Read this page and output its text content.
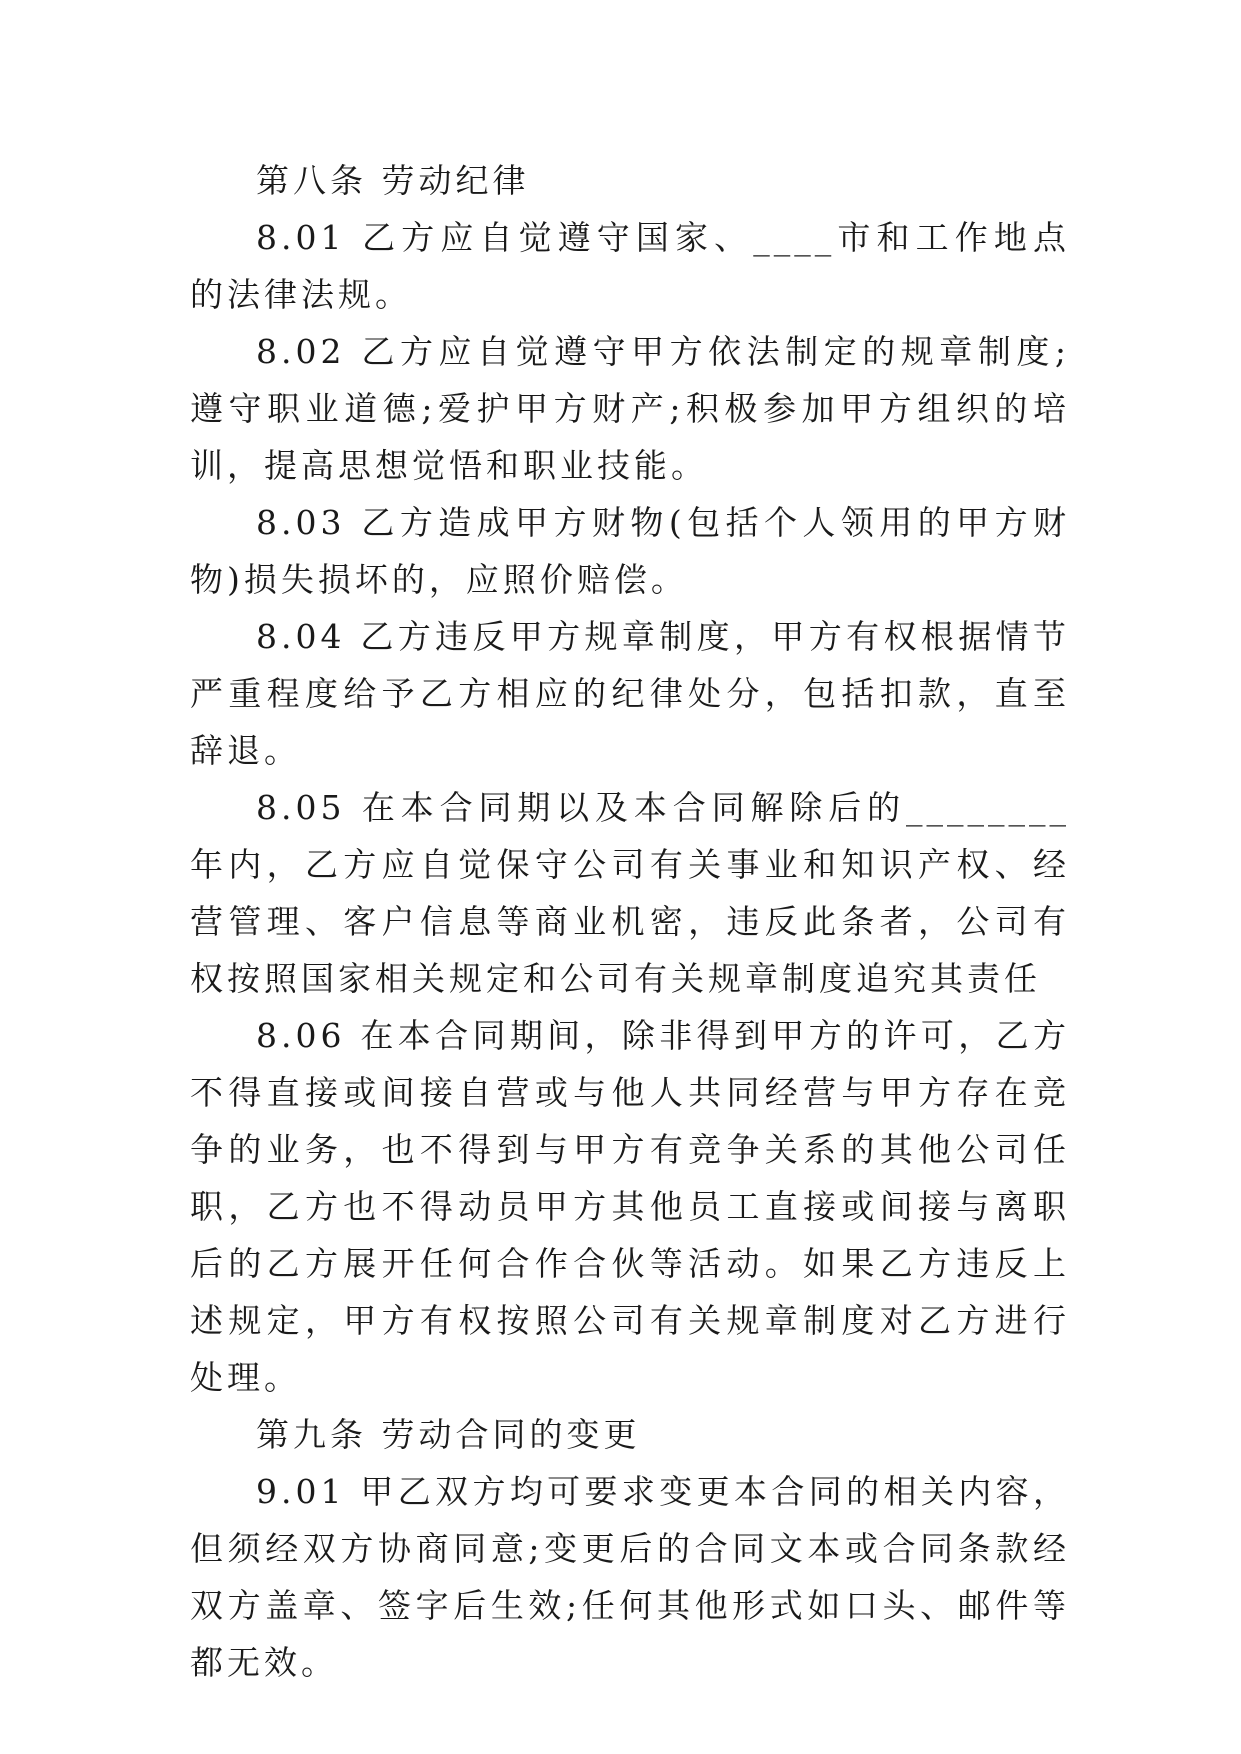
第八条 劳动纪律

8.01 乙方应自觉遵守国家、____市和工作地点的法律法规。

8.02 乙方应自觉遵守甲方依法制定的规章制度;遵守职业道德;爱护甲方财产;积极参加甲方组织的培训，提高思想觉悟和职业技能。

8.03 乙方造成甲方财物(包括个人领用的甲方财物)损失损坏的，应照价赔偿。

8.04 乙方违反甲方规章制度，甲方有权根据情节严重程度给予乙方相应的纪律处分，包括扣款，直至辞退。

8.05 在本合同期以及本合同解除后的________年内，乙方应自觉保守公司有关事业和知识产权、经营管理、客户信息等商业机密，违反此条者，公司有权按照国家相关规定和公司有关规章制度追究其责任

8.06 在本合同期间，除非得到甲方的许可，乙方不得直接或间接自营或与他人共同经营与甲方存在竞争的业务，也不得到与甲方有竞争关系的其他公司任职，乙方也不得动员甲方其他员工直接或间接与离职后的乙方展开任何合作合伙等活动。如果乙方违反上述规定，甲方有权按照公司有关规章制度对乙方进行处理。

第九条 劳动合同的变更

9.01 甲乙双方均可要求变更本合同的相关内容，但须经双方协商同意;变更后的合同文本或合同条款经双方盖章、签字后生效;任何其他形式如口头、邮件等都无效。
